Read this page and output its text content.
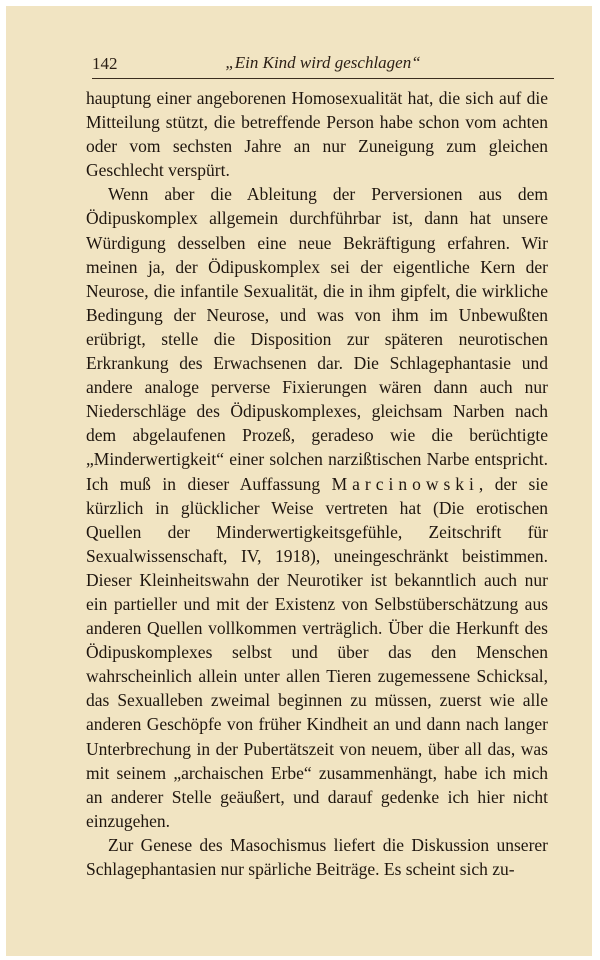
142	„Ein Kind wird geschlagen“

hauptung einer angeborenen Homosexualität hat, die sich auf die Mitteilung stützt, die betreffende Person habe schon vom achten oder vom sechsten Jahre an nur Zuneigung zum gleichen Geschlecht verspürt.

Wenn aber die Ableitung der Perversionen aus dem Ödipuskomplex allgemein durchführbar ist, dann hat unsere Würdigung desselben eine neue Bekräftigung erfahren. Wir meinen ja, der Ödipuskomplex sei der eigentliche Kern der Neurose, die infantile Sexualität, die in ihm gipfelt, die wirkliche Bedingung der Neurose, und was von ihm im Unbewußten erübrigt, stelle die Disposition zur späteren neurotischen Erkrankung des Erwachsenen dar. Die Schlagephantasie und andere analoge perverse Fixierungen wären dann auch nur Niederschläge des Ödipuskomplexes, gleichsam Narben nach dem abgelaufenen Prozeß, geradeso wie die berüchtigte „Minderwertigkeit“ einer solchen narzißtischen Narbe entspricht. Ich muß in dieser Auffassung Marcinowski, der sie kürzlich in glücklicher Weise vertreten hat (Die erotischen Quellen der Minderwertigkeitsgefühle, Zeitschrift für Sexualwissenschaft, IV, 1918), uneingeschränkt beistimmen. Dieser Kleinheitswahn der Neurotiker ist bekanntlich auch nur ein partieller und mit der Existenz von Selbstüberschätzung aus anderen Quellen vollkommen verträglich. Über die Herkunft des Ödipuskomplexes selbst und über das den Menschen wahrscheinlich allein unter allen Tieren zugemessene Schicksal, das Sexualleben zweimal beginnen zu müssen, zuerst wie alle anderen Geschöpfe von früher Kindheit an und dann nach langer Unterbrechung in der Pubertätszeit von neuem, über all das, was mit seinem „archaischen Erbe“ zusammenhängt, habe ich mich an anderer Stelle geäußert, und darauf gedenke ich hier nicht einzugehen.

Zur Genese des Masochismus liefert die Diskussion unserer Schlagephantasien nur spärliche Beiträge. Es scheint sich zu-
